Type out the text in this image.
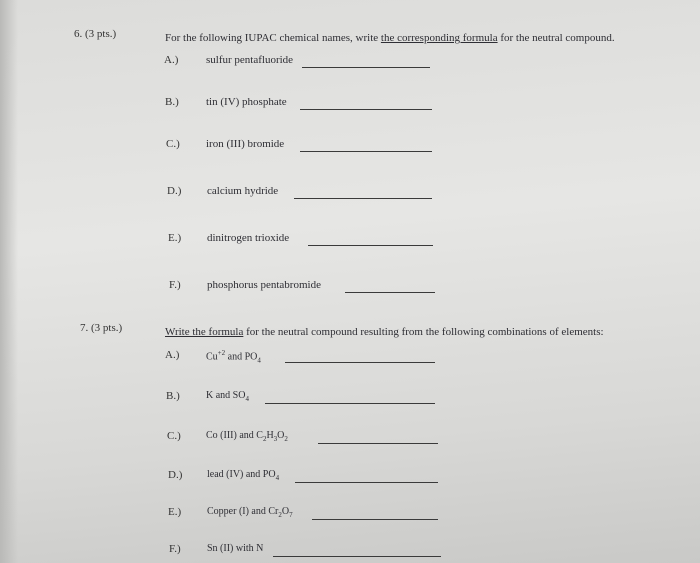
6. (3 pts.)	For the following IUPAC chemical names, write the corresponding formula for the neutral compound.
A.)	sulfur pentafluoride
B.) tin (IV) phosphate
C.) iron (III) bromide
D.) calcium hydride
E.) dinitrogen trioxide
F.) phosphorus pentabromide
7. (3 pts.)	Write the formula for the neutral compound resulting from the following combinations of elements:
A.)	$Cu^{+2}$ and $PO_4$
B.)	K and $SO_4$
C.)	Co (III) and $C_2H_3O_2$
D.) lead (IV) and $PO_4$
E.)	Copper (I) and $Cr_2O_7$
F.)	Sn (II) with N
